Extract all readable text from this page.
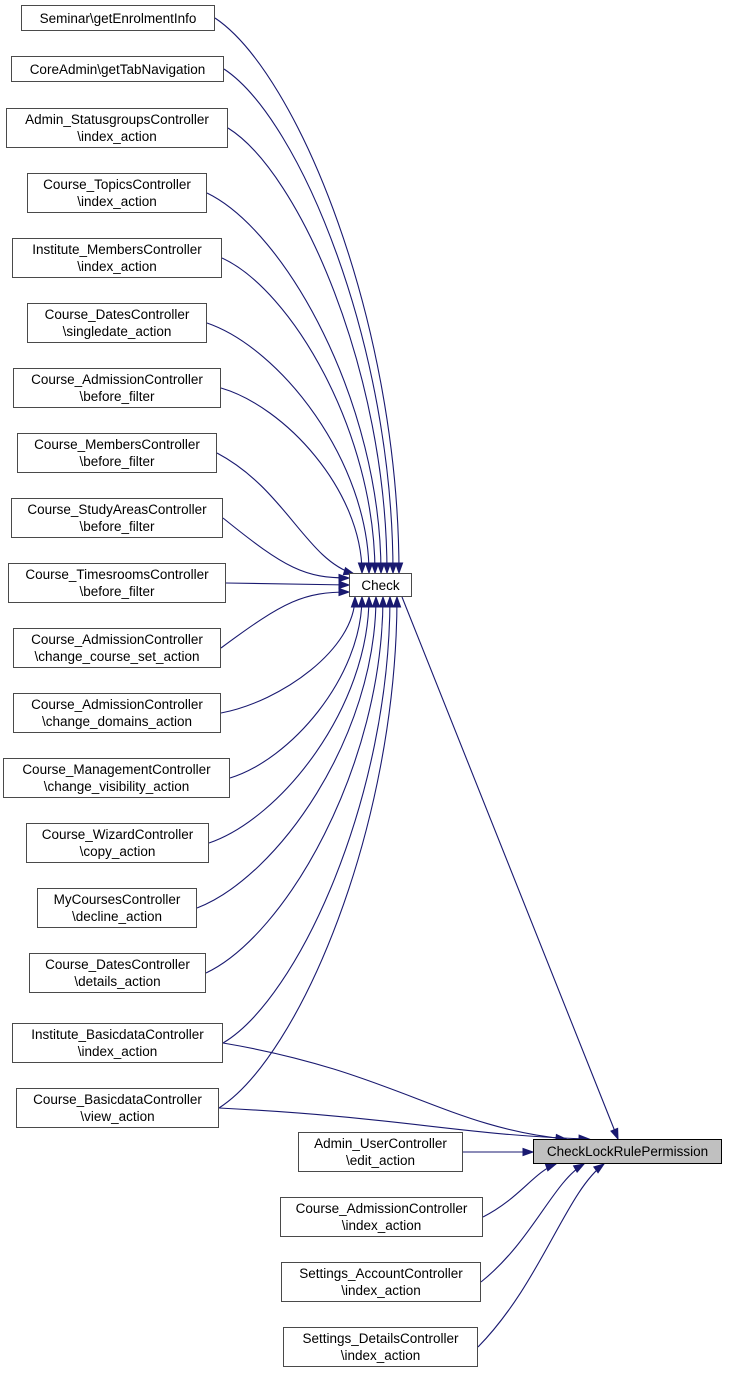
Seminar\getEnrolmentInfo
CoreAdmin\getTabNavigation
Admin_StatusgroupsController
\index_action
Course_TopicsController
\index_action
Institute_MembersController
\index_action
Course_DatesController
\singledate_action
Course_AdmissionController
\before_filter
Course_MembersController
\before_filter
Course_StudyAreasController
\before_filter
Course_TimesroomsController
\before_filter
Course_AdmissionController
\change_course_set_action
Course_AdmissionController
\change_domains_action
Course_ManagementController
\change_visibility_action
Course_WizardController
\copy_action
MyCoursesController
\decline_action
Course_DatesController
\details_action
Institute_BasicdataController
\index_action
Course_BasicdataController
\view_action
Check
CheckLockRulePermission
Admin_UserController
\edit_action
Course_AdmissionController
\index_action
Settings_AccountController
\index_action
Settings_DetailsController
\index_action
